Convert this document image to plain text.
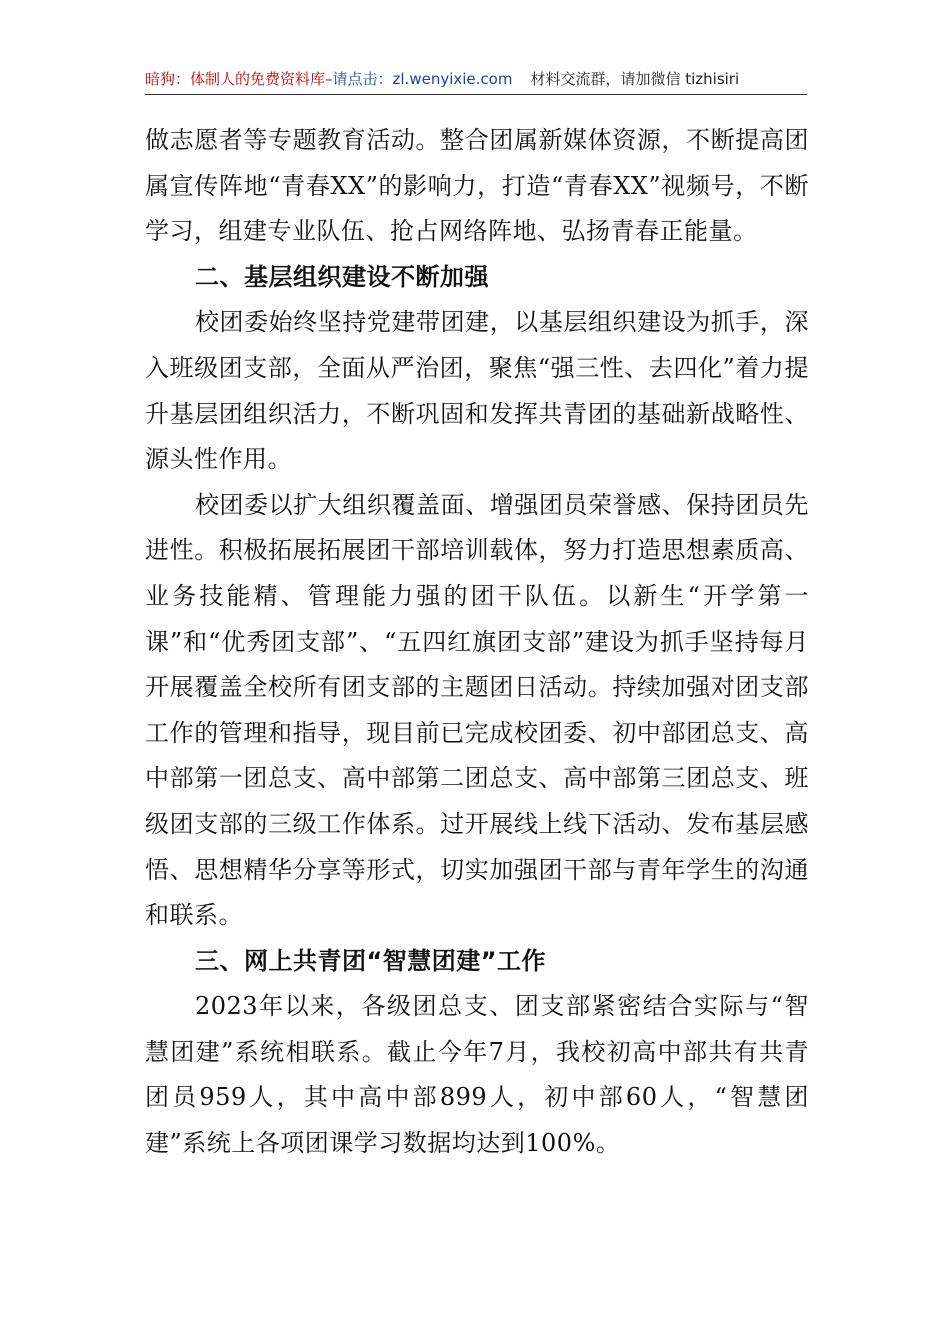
暗狗：体制人的免费资料库–请点击：zl.wenyixie.com 材料交流群，请加微信 tizhisiri

做志愿者等专题教育活动。整合团属新媒体资源，不断提高团属宣传阵地“青春XX”的影响力，打造“青春XX”视频号，不断学习，组建专业队伍、抢占网络阵地、弘扬青春正能量。

二、基层组织建设不断加强

校团委始终坚持党建带团建，以基层组织建设为抓手，深入班级团支部，全面从严治团，聚焦“强三性、去四化”着力提升基层团组织活力，不断巩固和发挥共青团的基础新战略性、源头性作用。

校团委以扩大组织覆盖面、增强团员荣誉感、保持团员先进性。积极拓展拓展团干部培训载体，努力打造思想素质高、业务技能精、管理能力强的团干队伍。以新生“开学第一课”和“优秀团支部”、“五四红旗团支部”建设为抓手坚持每月开展覆盖全校所有团支部的主题团日活动。持续加强对团支部工作的管理和指导，现目前已完成校团委、初中部团总支、高中部第一团总支、高中部第二团总支、高中部第三团总支、班级团支部的三级工作体系。过开展线上线下活动、发布基层感悟、思想精华分享等形式，切实加强团干部与青年学生的沟通和联系。

三、网上共青团“智慧团建”工作

2023年以来，各级团总支、团支部紧密结合实际与“智慧团建”系统相联系。截止今年7月，我校初高中部共有共青团员959人，其中高中部899人，初中部60人，“智慧团建”系统上各项团课学习数据均达到100%。
